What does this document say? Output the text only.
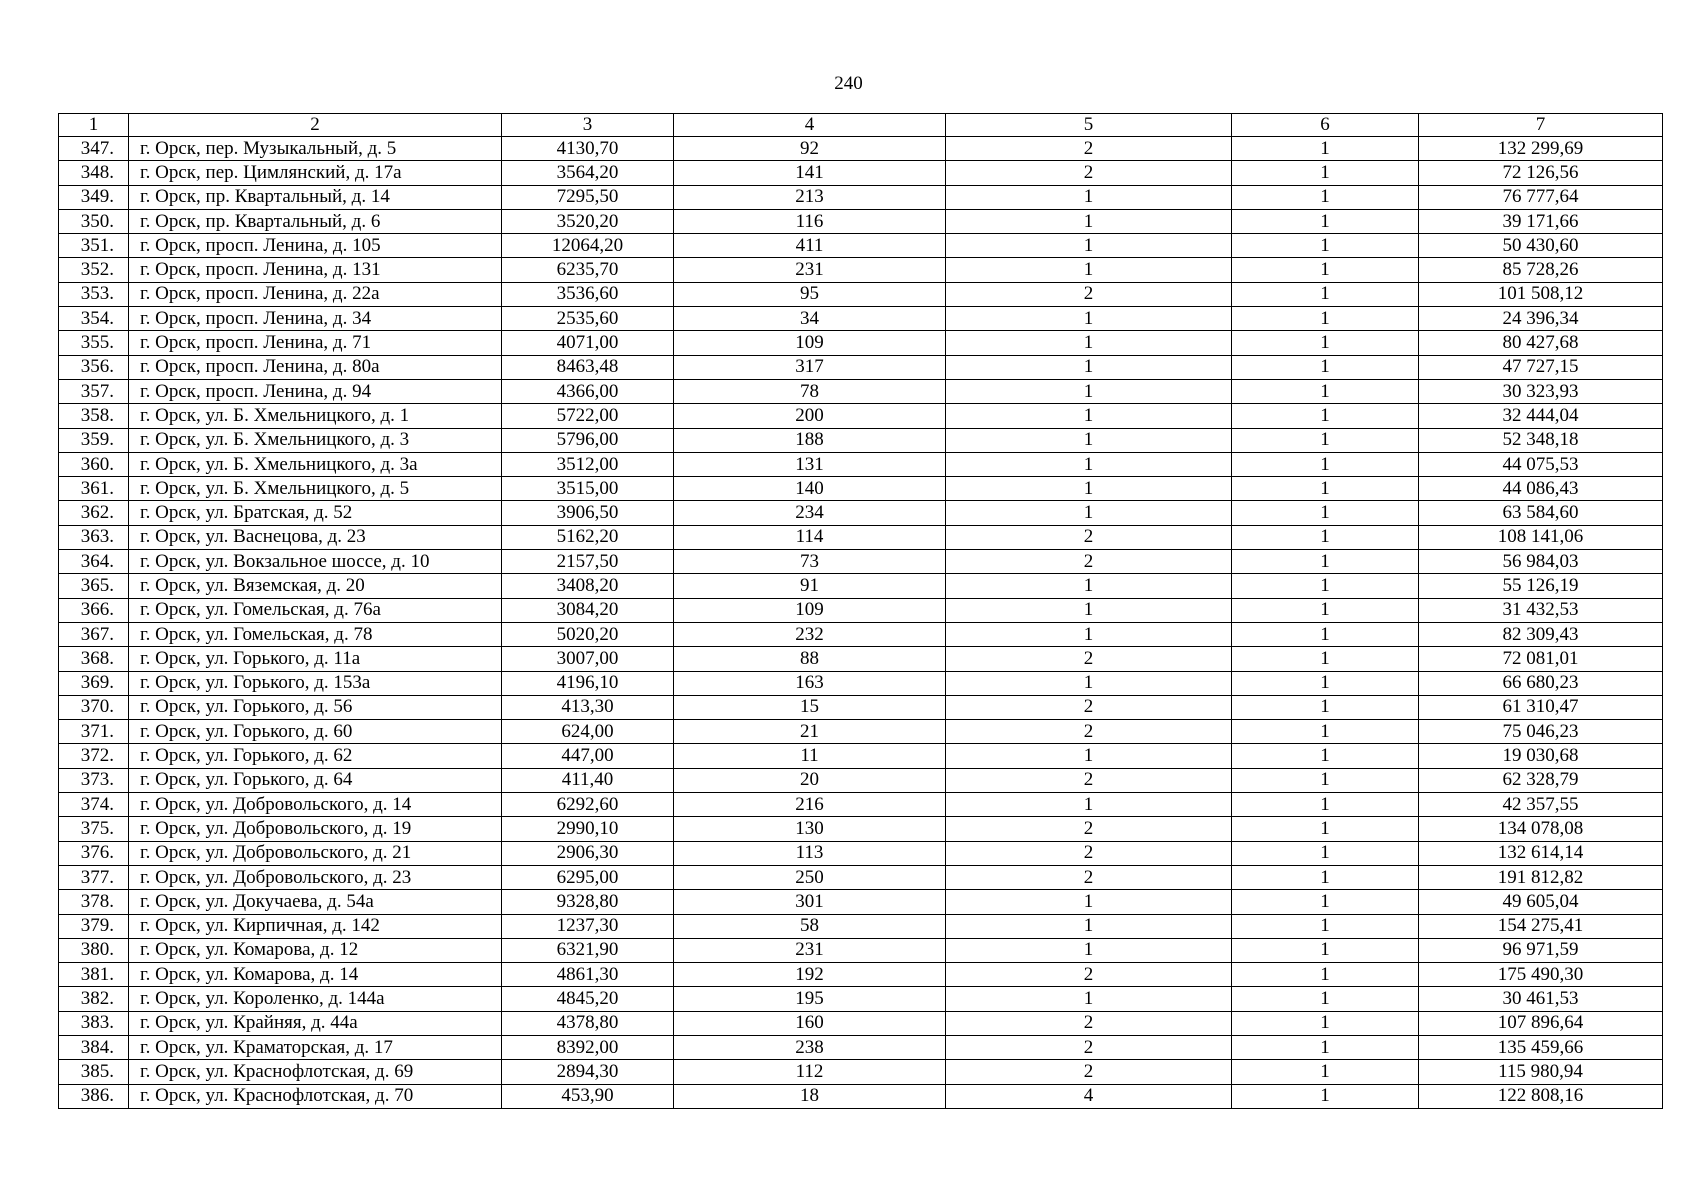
240
1	2	3	4	5	6	7
347.	г. Орск, пер. Музыкальный, д. 5	4130,70	92	2	1	132 299,69
348.	г. Орск, пер. Цимлянский, д. 17а	3564,20	141	2	1	72 126,56
349.	г. Орск, пр. Квартальный, д. 14	7295,50	213	1	1	76 777,64
350.	г. Орск, пр. Квартальный, д. 6	3520,20	116	1	1	39 171,66
351.	г. Орск, просп. Ленина, д. 105	12064,20	411	1	1	50 430,60
352.	г. Орск, просп. Ленина, д. 131	6235,70	231	1	1	85 728,26
353.	г. Орск, просп. Ленина, д. 22а	3536,60	95	2	1	101 508,12
354.	г. Орск, просп. Ленина, д. 34	2535,60	34	1	1	24 396,34
355.	г. Орск, просп. Ленина, д. 71	4071,00	109	1	1	80 427,68
356.	г. Орск, просп. Ленина, д. 80а	8463,48	317	1	1	47 727,15
357.	г. Орск, просп. Ленина, д. 94	4366,00	78	1	1	30 323,93
358.	г. Орск, ул. Б. Хмельницкого, д. 1	5722,00	200	1	1	32 444,04
359.	г. Орск, ул. Б. Хмельницкого, д. 3	5796,00	188	1	1	52 348,18
360.	г. Орск, ул. Б. Хмельницкого, д. 3а	3512,00	131	1	1	44 075,53
361.	г. Орск, ул. Б. Хмельницкого, д. 5	3515,00	140	1	1	44 086,43
362.	г. Орск, ул. Братская, д. 52	3906,50	234	1	1	63 584,60
363.	г. Орск, ул. Васнецова, д. 23	5162,20	114	2	1	108 141,06
364.	г. Орск, ул. Вокзальное шоссе, д. 10	2157,50	73	2	1	56 984,03
365.	г. Орск, ул. Вяземская, д. 20	3408,20	91	1	1	55 126,19
366.	г. Орск, ул. Гомельская, д. 76а	3084,20	109	1	1	31 432,53
367.	г. Орск, ул. Гомельская, д. 78	5020,20	232	1	1	82 309,43
368.	г. Орск, ул. Горького, д. 11а	3007,00	88	2	1	72 081,01
369.	г. Орск, ул. Горького, д. 153а	4196,10	163	1	1	66 680,23
370.	г. Орск, ул. Горького, д. 56	413,30	15	2	1	61 310,47
371.	г. Орск, ул. Горького, д. 60	624,00	21	2	1	75 046,23
372.	г. Орск, ул. Горького, д. 62	447,00	11	1	1	19 030,68
373.	г. Орск, ул. Горького, д. 64	411,40	20	2	1	62 328,79
374.	г. Орск, ул. Добровольского, д. 14	6292,60	216	1	1	42 357,55
375.	г. Орск, ул. Добровольского, д. 19	2990,10	130	2	1	134 078,08
376.	г. Орск, ул. Добровольского, д. 21	2906,30	113	2	1	132 614,14
377.	г. Орск, ул. Добровольского, д. 23	6295,00	250	2	1	191 812,82
378.	г. Орск, ул. Докучаева, д. 54а	9328,80	301	1	1	49 605,04
379.	г. Орск, ул. Кирпичная, д. 142	1237,30	58	1	1	154 275,41
380.	г. Орск, ул. Комарова, д. 12	6321,90	231	1	1	96 971,59
381.	г. Орск, ул. Комарова, д. 14	4861,30	192	2	1	175 490,30
382.	г. Орск, ул. Короленко, д. 144а	4845,20	195	1	1	30 461,53
383.	г. Орск, ул. Крайняя, д. 44а	4378,80	160	2	1	107 896,64
384.	г. Орск, ул. Краматорская, д. 17	8392,00	238	2	1	135 459,66
385.	г. Орск, ул. Краснофлотская, д. 69	2894,30	112	2	1	115 980,94
386.	г. Орск, ул. Краснофлотская, д. 70	453,90	18	4	1	122 808,16
